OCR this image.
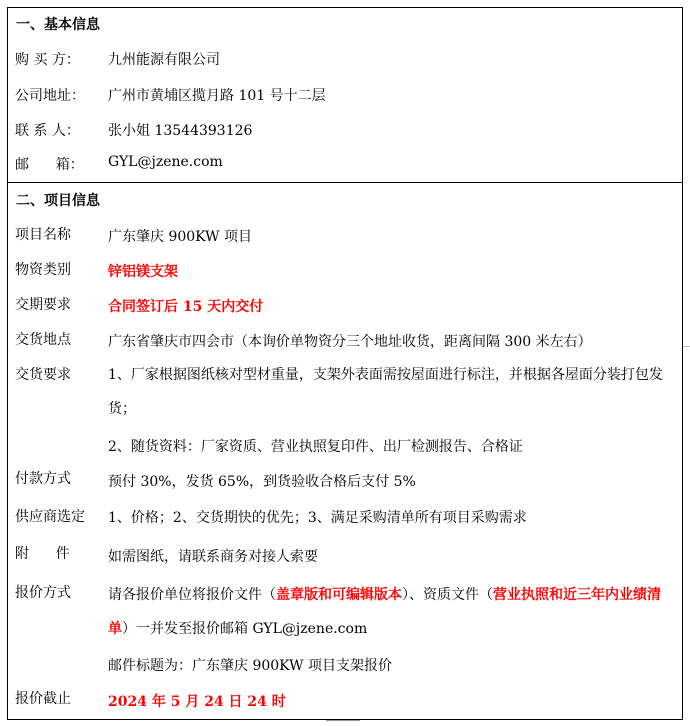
一、基本信息
购 买 方： 九州能源有限公司
公司地址： 广州市黄埔区揽月路 101 号十二层
联 系 人： 张小姐 13544393126
邮      箱： GYL@jzene.com
二、项目信息
项目名称	广东肇庆 900KW 项目
物资类别	锌铝镁支架
交期要求	合同签订后 15 天内交付
交货地点	广东省肇庆市四会市（本询价单物资分三个地址收货，距离间隔 300 米左右）
交货要求	1、厂家根据图纸核对型材重量，支架外表面需按屋面进行标注，并根据各屋面分装打包发货；
2、随货资料：厂家资质、营业执照复印件、出厂检测报告、合格证
付款方式	预付 30%，发货 65%，到货验收合格后支付 5%
供应商选定 1、价格；2、交货期快的优先；3、满足采购清单所有项目采购需求
附      件	如需图纸，请联系商务对接人索要
报价方式	请各报价单位将报价文件（盖章版和可编辑版本）、资质文件（营业执照和近三年内业绩清单）一并发至报价邮箱 GYL@jzene.com
邮件标题为：广东肇庆 900KW 项目支架报价
报价截止	2024 年 5 月 24 日 24 时
